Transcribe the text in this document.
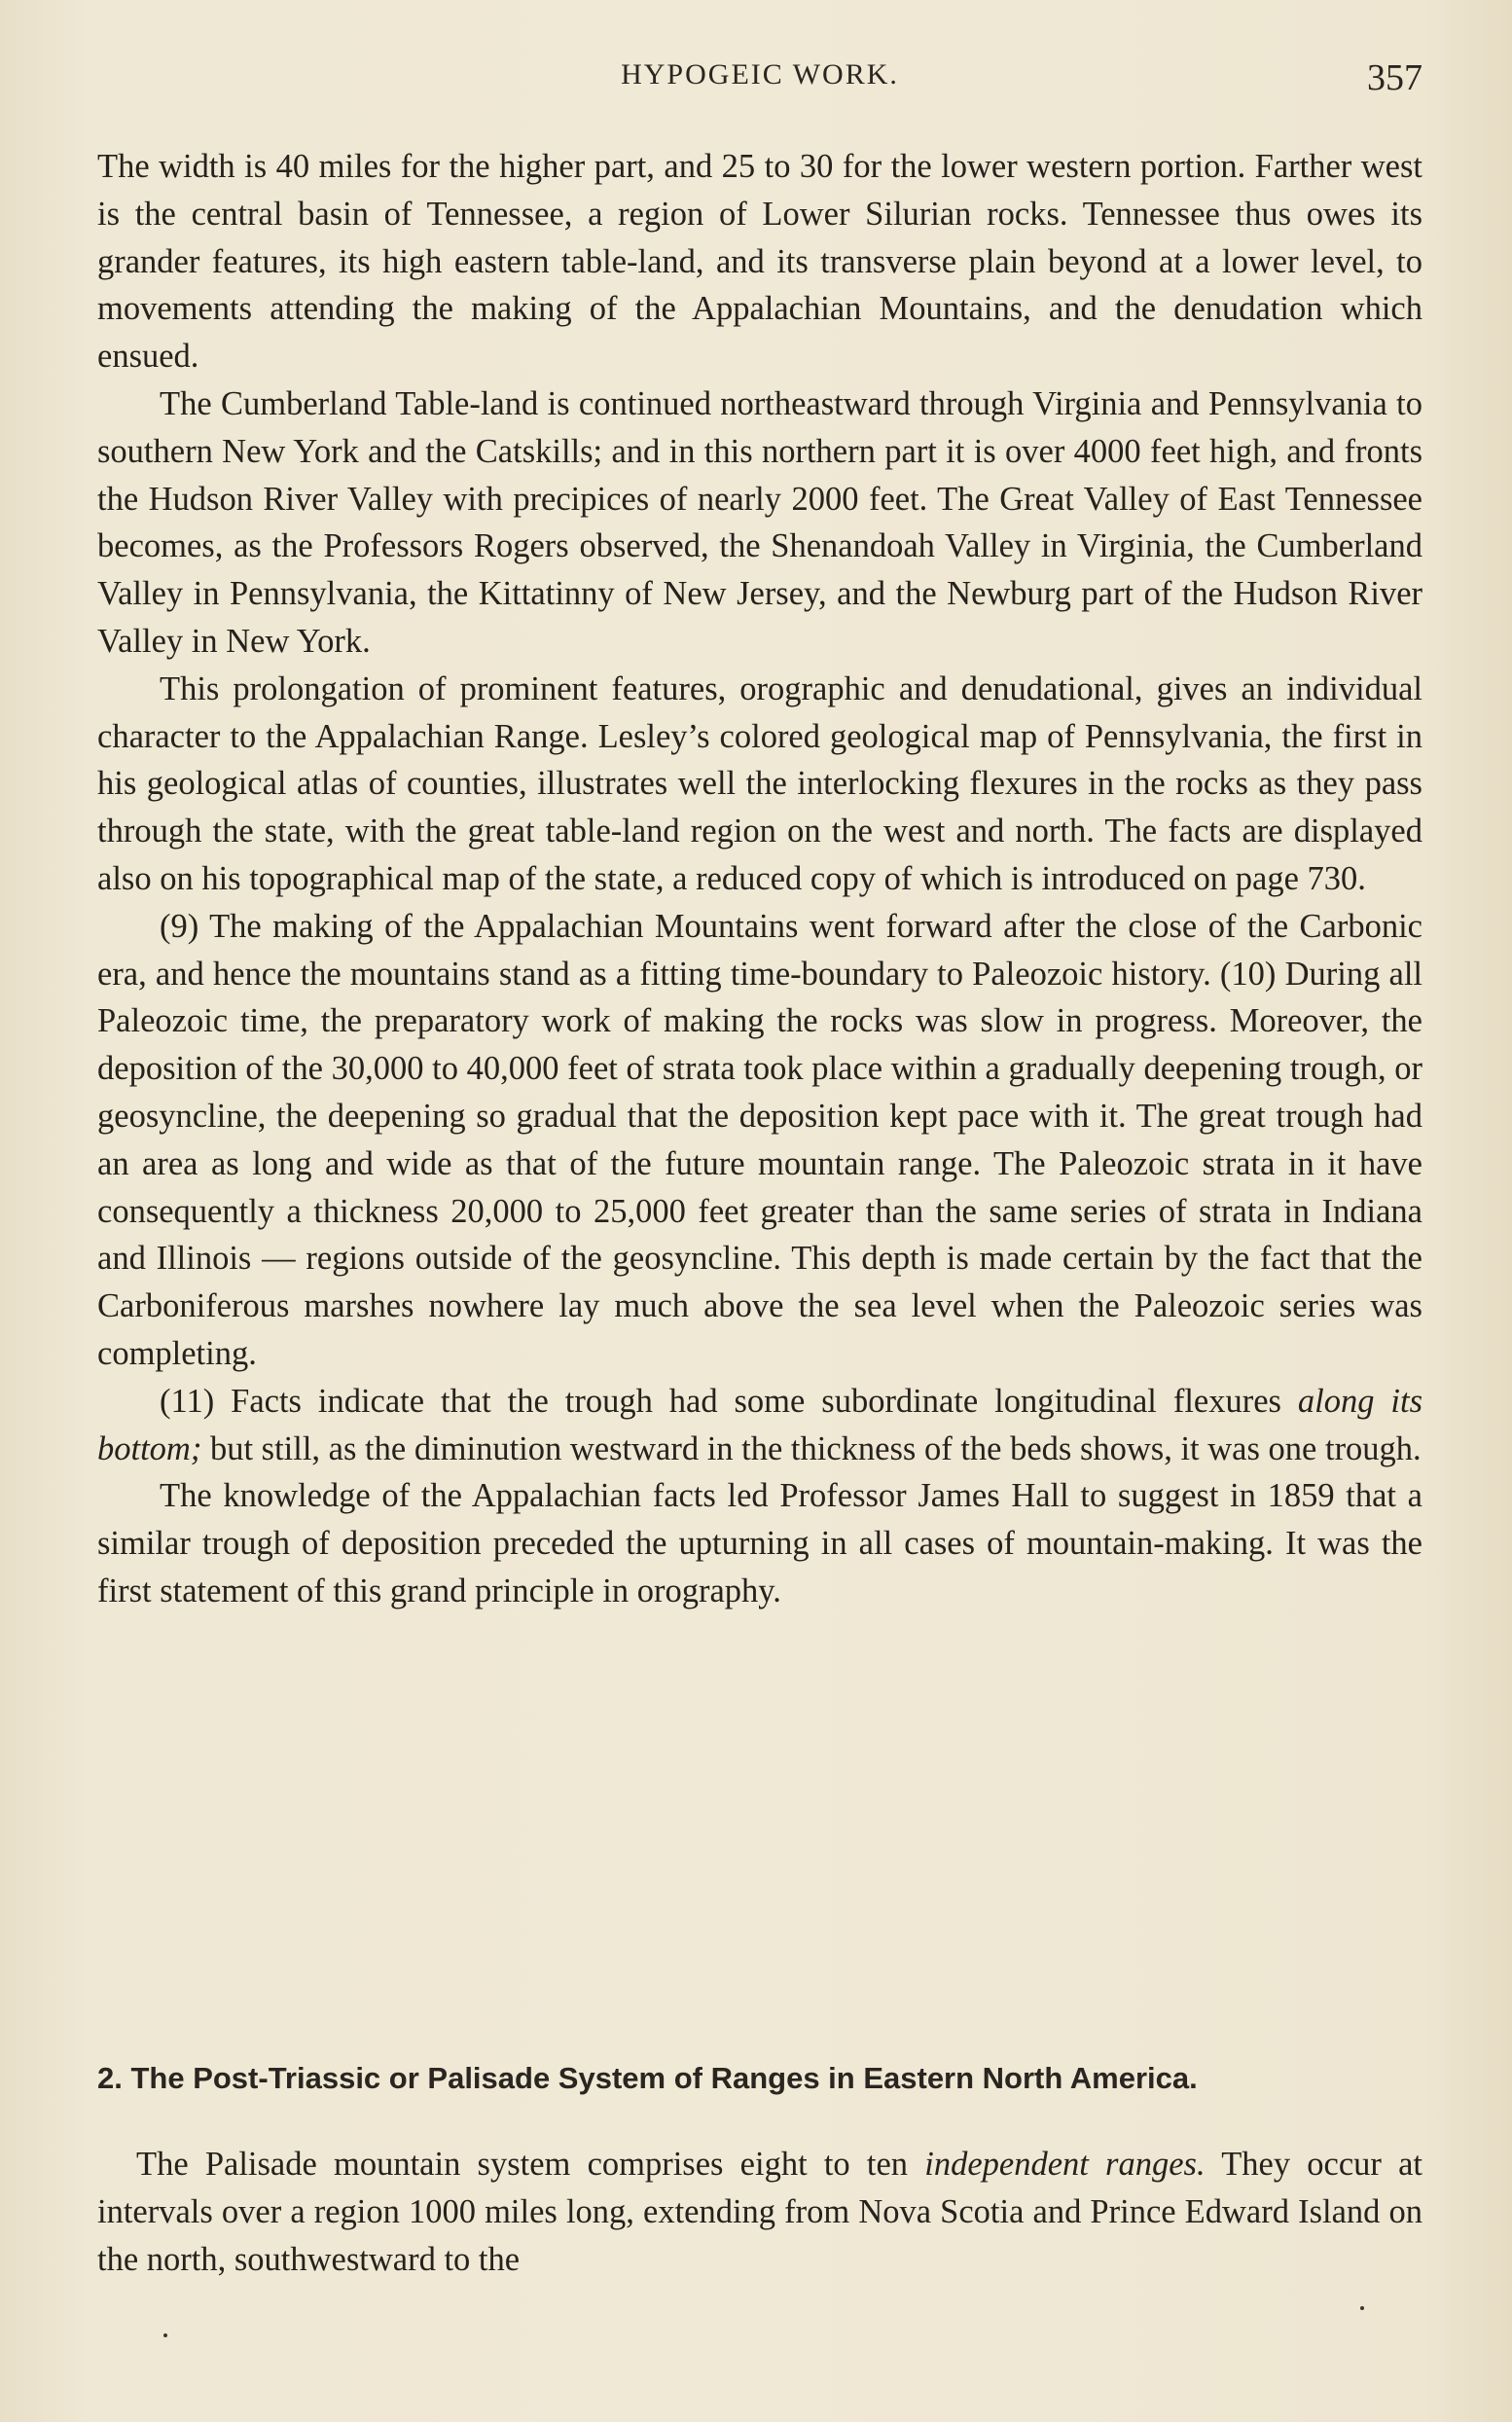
HYPOGEIC WORK.	357

The width is 40 miles for the higher part, and 25 to 30 for the lower western portion. Farther west is the central basin of Tennessee, a region of Lower Silurian rocks. Tennessee thus owes its grander features, its high eastern table-land, and its transverse plain beyond at a lower level, to movements attending the making of the Appalachian Mountains, and the denudation which ensued.

The Cumberland Table-land is continued northeastward through Virginia and Pennsylvania to southern New York and the Catskills; and in this northern part it is over 4000 feet high, and fronts the Hudson River Valley with precipices of nearly 2000 feet. The Great Valley of East Tennessee becomes, as the Professors Rogers observed, the Shenandoah Valley in Virginia, the Cumberland Valley in Pennsylvania, the Kittatinny of New Jersey, and the Newburg part of the Hudson River Valley in New York.

This prolongation of prominent features, orographic and denudational, gives an individual character to the Appalachian Range. Lesley’s colored geological map of Pennsylvania, the first in his geological atlas of counties, illustrates well the interlocking flexures in the rocks as they pass through the state, with the great table-land region on the west and north. The facts are displayed also on his topographical map of the state, a reduced copy of which is introduced on page 730.

(9) The making of the Appalachian Mountains went forward after the close of the Carbonic era, and hence the mountains stand as a fitting time-boundary to Paleozoic history. (10) During all Paleozoic time, the preparatory work of making the rocks was slow in progress. Moreover, the deposition of the 30,000 to 40,000 feet of strata took place within a gradually deepening trough, or geosyncline, the deepening so gradual that the deposition kept pace with it. The great trough had an area as long and wide as that of the future mountain range. The Paleozoic strata in it have consequently a thickness 20,000 to 25,000 feet greater than the same series of strata in Indiana and Illinois — regions outside of the geosyncline. This depth is made certain by the fact that the Carboniferous marshes nowhere lay much above the sea level when the Paleozoic series was completing.

(11) Facts indicate that the trough had some subordinate longitudinal flexures along its bottom; but still, as the diminution westward in the thickness of the beds shows, it was one trough.

The knowledge of the Appalachian facts led Professor James Hall to suggest in 1859 that a similar trough of deposition preceded the upturning in all cases of mountain-making. It was the first statement of this grand principle in orography.

2. The Post-Triassic or Palisade System of Ranges in Eastern North America.

The Palisade mountain system comprises eight to ten independent ranges. They occur at intervals over a region 1000 miles long, extending from Nova Scotia and Prince Edward Island on the north, southwestward to the
